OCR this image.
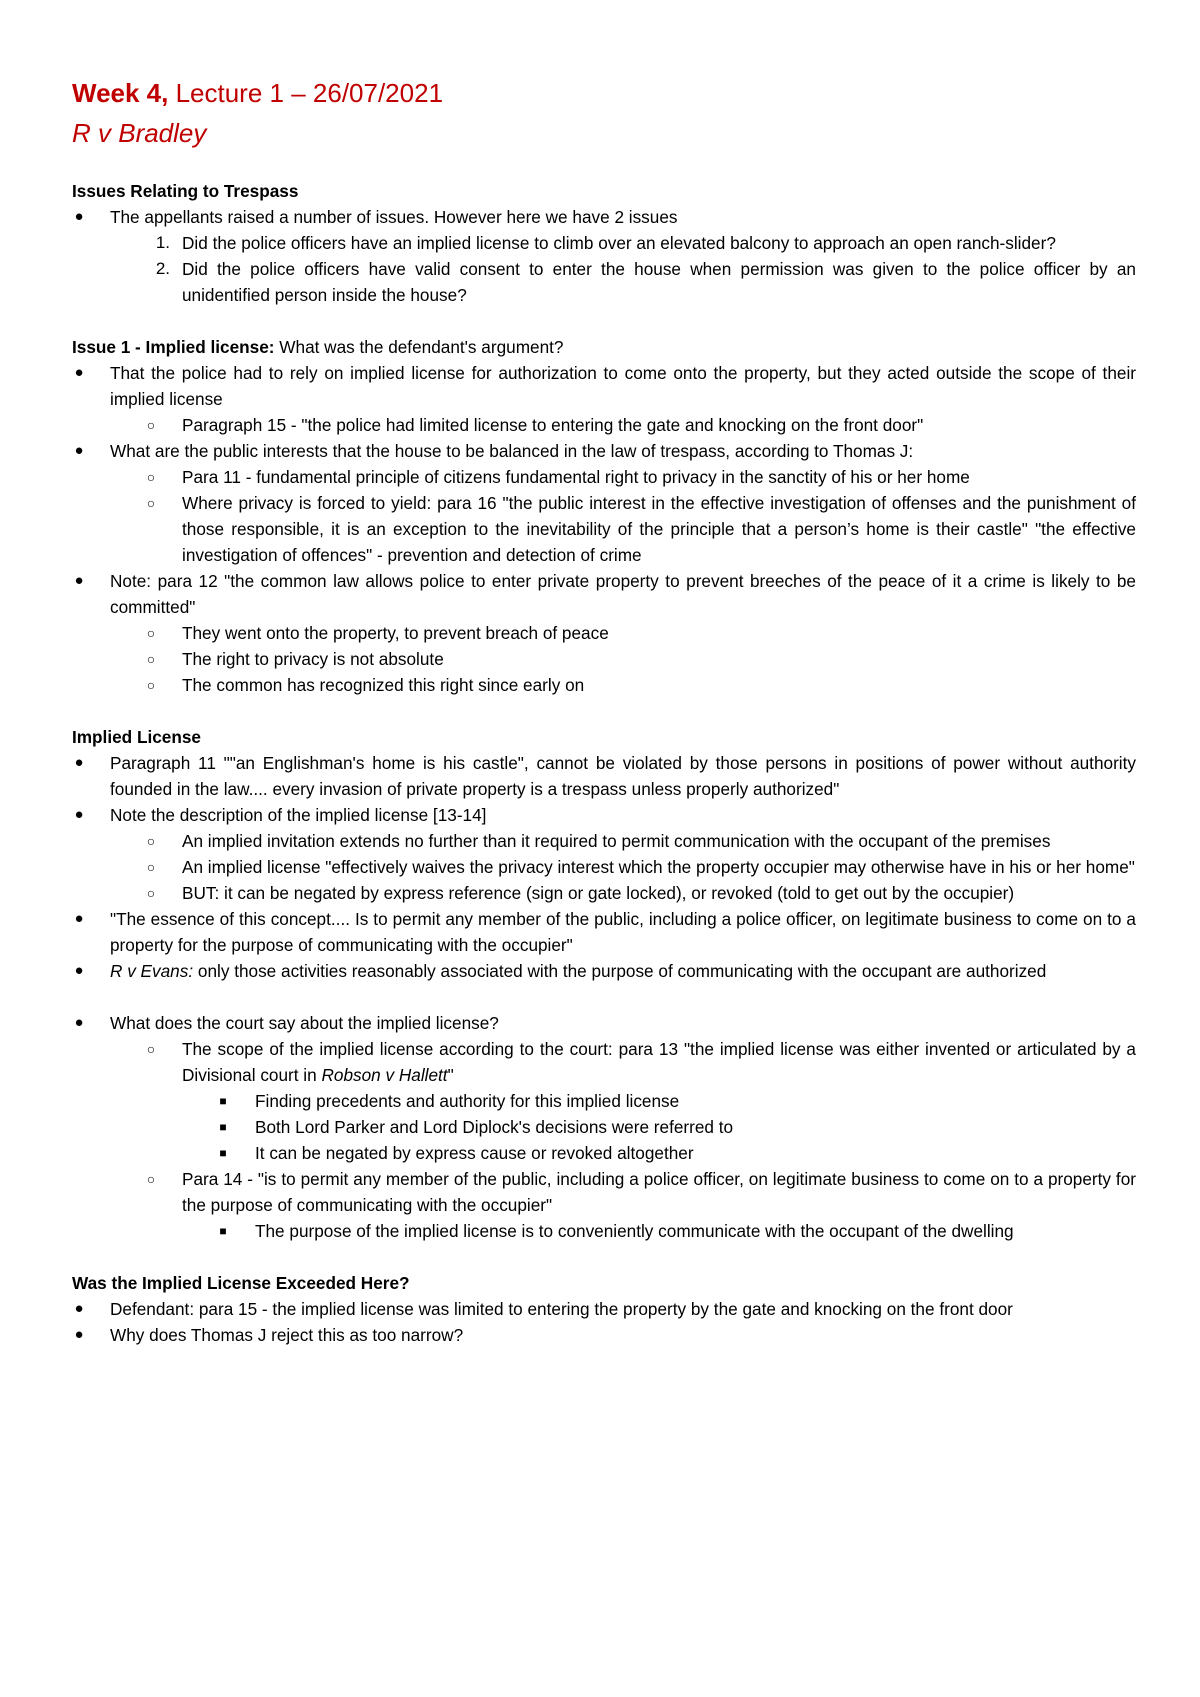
Week 4, Lecture 1 – 26/07/2021
R v Bradley

Issues Relating to Trespass

● The appellants raised a number of issues. However here we have 2 issues
1. Did the police officers have an implied license to climb over an elevated balcony to approach an open ranch-slider?
2. Did the police officers have valid consent to enter the house when permission was given to the police officer by an unidentified person inside the house?

Issue 1 - Implied license: What was the defendant's argument?

● That the police had to rely on implied license for authorization to come onto the property, but they acted outside the scope of their implied license
○ Paragraph 15 - "the police had limited license to entering the gate and knocking on the front door"
● What are the public interests that the house to be balanced in the law of trespass, according to Thomas J:
○ Para 11 - fundamental principle of citizens fundamental right to privacy in the sanctity of his or her home
○ Where privacy is forced to yield: para 16 "the public interest in the effective investigation of offenses and the punishment of those responsible, it is an exception to the inevitability of the principle that a person’s home is their castle" "the effective investigation of offences" - prevention and detection of crime
● Note: para 12 "the common law allows police to enter private property to prevent breeches of the peace of it a crime is likely to be committed"
○ They went onto the property, to prevent breach of peace
○ The right to privacy is not absolute
○ The common has recognized this right since early on

Implied License

● Paragraph 11 ""an Englishman's home is his castle", cannot be violated by those persons in positions of power without authority founded in the law.... every invasion of private property is a trespass unless properly authorized"
● Note the description of the implied license [13-14]
○ An implied invitation extends no further than it required to permit communication with the occupant of the premises
○ An implied license "effectively waives the privacy interest which the property occupier may otherwise have in his or her home"
○ BUT: it can be negated by express reference (sign or gate locked), or revoked (told to get out by the occupier)
● "The essence of this concept.... Is to permit any member of the public, including a police officer, on legitimate business to come on to a property for the purpose of communicating with the occupier"
● R v Evans: only those activities reasonably associated with the purpose of communicating with the occupant are authorized
● What does the court say about the implied license?
○ The scope of the implied license according to the court: para 13 "the implied license was either invented or articulated by a Divisional court in Robson v Hallett"
■ Finding precedents and authority for this implied license
■ Both Lord Parker and Lord Diplock's decisions were referred to
■ It can be negated by express cause or revoked altogether
○ Para 14 - "is to permit any member of the public, including a police officer, on legitimate business to come on to a property for the purpose of communicating with the occupier"
■ The purpose of the implied license is to conveniently communicate with the occupant of the dwelling

Was the Implied License Exceeded Here?

● Defendant: para 15 - the implied license was limited to entering the property by the gate and knocking on the front door
● Why does Thomas J reject this as too narrow?
